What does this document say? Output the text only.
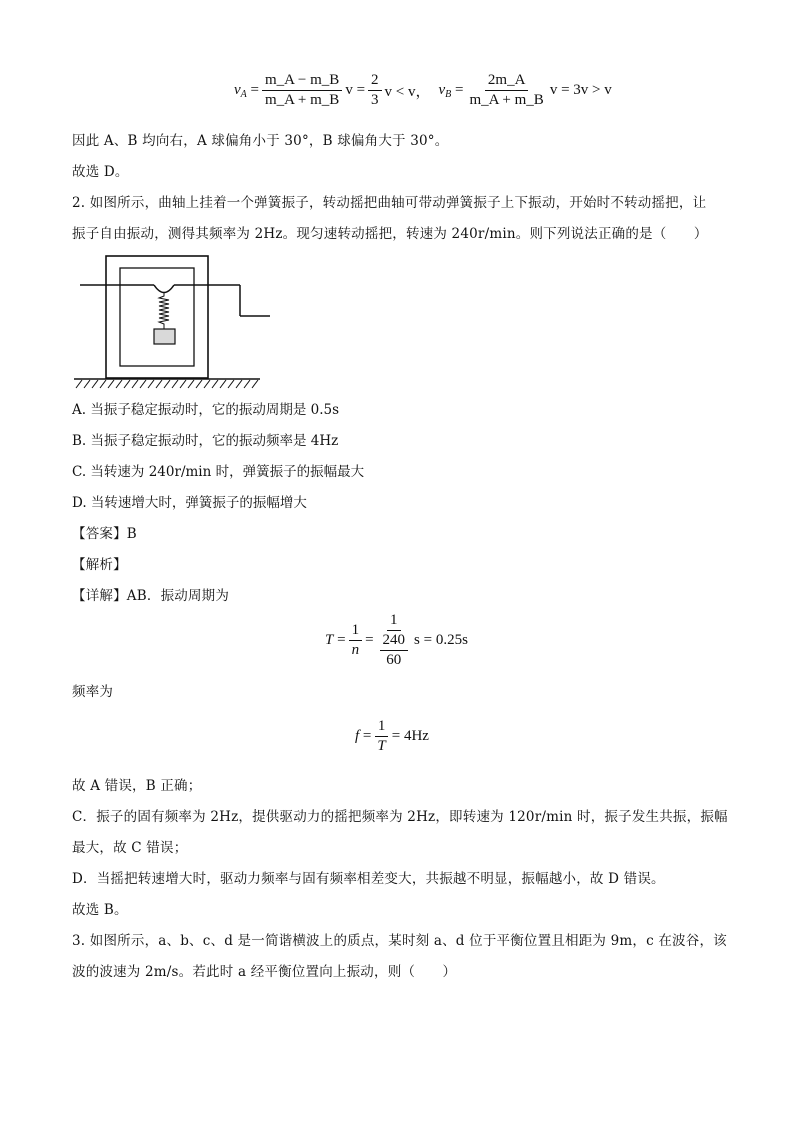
$v_A = \frac{m\_A - m\_B}{m\_A + m\_B}$ $v = \frac{2}{3}$ v < v， $v_B = \frac{2m\_A}{m\_A + m\_B}$ v = 3v > v
因此 A、B 均向右，A 球偏角小于 30°，B 球偏角大于 30°。
故选 D。
2. 如图所示，曲轴上挂着一个弹簧振子，转动摇把曲轴可带动弹簧振子上下振动，开始时不转动摇把，让
振子自由振动，测得其频率为 2Hz。现匀速转动摇把，转速为 240r/min。则下列说法正确的是（　　）
A. 当振子稳定振动时，它的振动周期是 0.5s
B. 当振子稳定振动时，它的振动频率是 4Hz
C. 当转速为 240r/min 时，弹簧振子的振幅最大
D. 当转速增大时，弹簧振子的振幅增大
【答案】B
【解析】
【详解】AB．振动周期为
$T = \frac{1}{n} = \frac{1}{\frac{240}{60}}$ s = 0.25s
频率为
$f = \frac{1}{T} = 4Hz$
故 A 错误，B 正确；
C．振子的固有频率为 2Hz，提供驱动力的摇把频率为 2Hz，即转速为 120r/min 时，振子发生共振，振幅
最大，故 C 错误；
D．当摇把转速增大时，驱动力频率与固有频率相差变大，共振越不明显，振幅越小，故 D 错误。
故选 B。
3. 如图所示，a、b、c、d 是一简谐横波上的质点，某时刻 a、d 位于平衡位置且相距为 9m，c 在波谷，该
波的波速为 2m/s。若此时 a 经平衡位置向上振动，则（　　）
